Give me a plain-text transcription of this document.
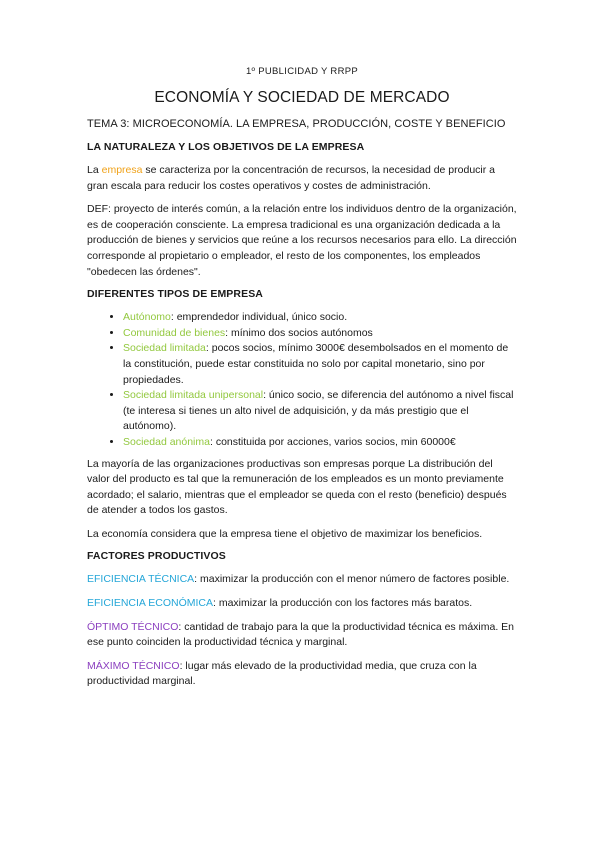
1º PUBLICIDAD Y RRPP
ECONOMÍA Y SOCIEDAD DE MERCADO
TEMA 3: MICROECONOMÍA. LA EMPRESA, PRODUCCIÓN, COSTE Y BENEFICIO
LA NATURALEZA Y LOS OBJETIVOS DE LA EMPRESA

La empresa se caracteriza por la concentración de recursos, la necesidad de producir a gran escala para reducir los costes operativos y costes de administración.

DEF: proyecto de interés común, a la relación entre los individuos dentro de la organización, es de cooperación consciente. La empresa tradicional es una organización dedicada a la producción de bienes y servicios que reúne a los recursos necesarios para ello. La dirección corresponde al propietario o empleador, el resto de los componentes, los empleados "obedecen las órdenes".

DIFERENTES TIPOS DE EMPRESA
• Autónomo: emprendedor individual, único socio.
• Comunidad de bienes: mínimo dos socios autónomos
• Sociedad limitada: pocos socios, mínimo 3000€ desembolsados en el momento de la constitución, puede estar constituida no solo por capital monetario, sino por propiedades.
• Sociedad limitada unipersonal: único socio, se diferencia del autónomo a nivel fiscal (te interesa si tienes un alto nivel de adquisición, y da más prestigio que el autónomo).
• Sociedad anónima: constituida por acciones, varios socios, min 60000€

La mayoría de las organizaciones productivas son empresas porque La distribución del valor del producto es tal que la remuneración de los empleados es un monto previamente acordado; el salario, mientras que el empleador se queda con el resto (beneficio) después de atender a todos los gastos.

La economía considera que la empresa tiene el objetivo de maximizar los beneficios.

FACTORES PRODUCTIVOS

EFICIENCIA TÉCNICA: maximizar la producción con el menor número de factores posible.

EFICIENCIA ECONÓMICA: maximizar la producción con los factores más baratos.

ÓPTIMO TÉCNICO: cantidad de trabajo para la que la productividad técnica es máxima. En ese punto coinciden la productividad técnica y marginal.

MÁXIMO TÉCNICO: lugar más elevado de la productividad media, que cruza con la productividad marginal.
